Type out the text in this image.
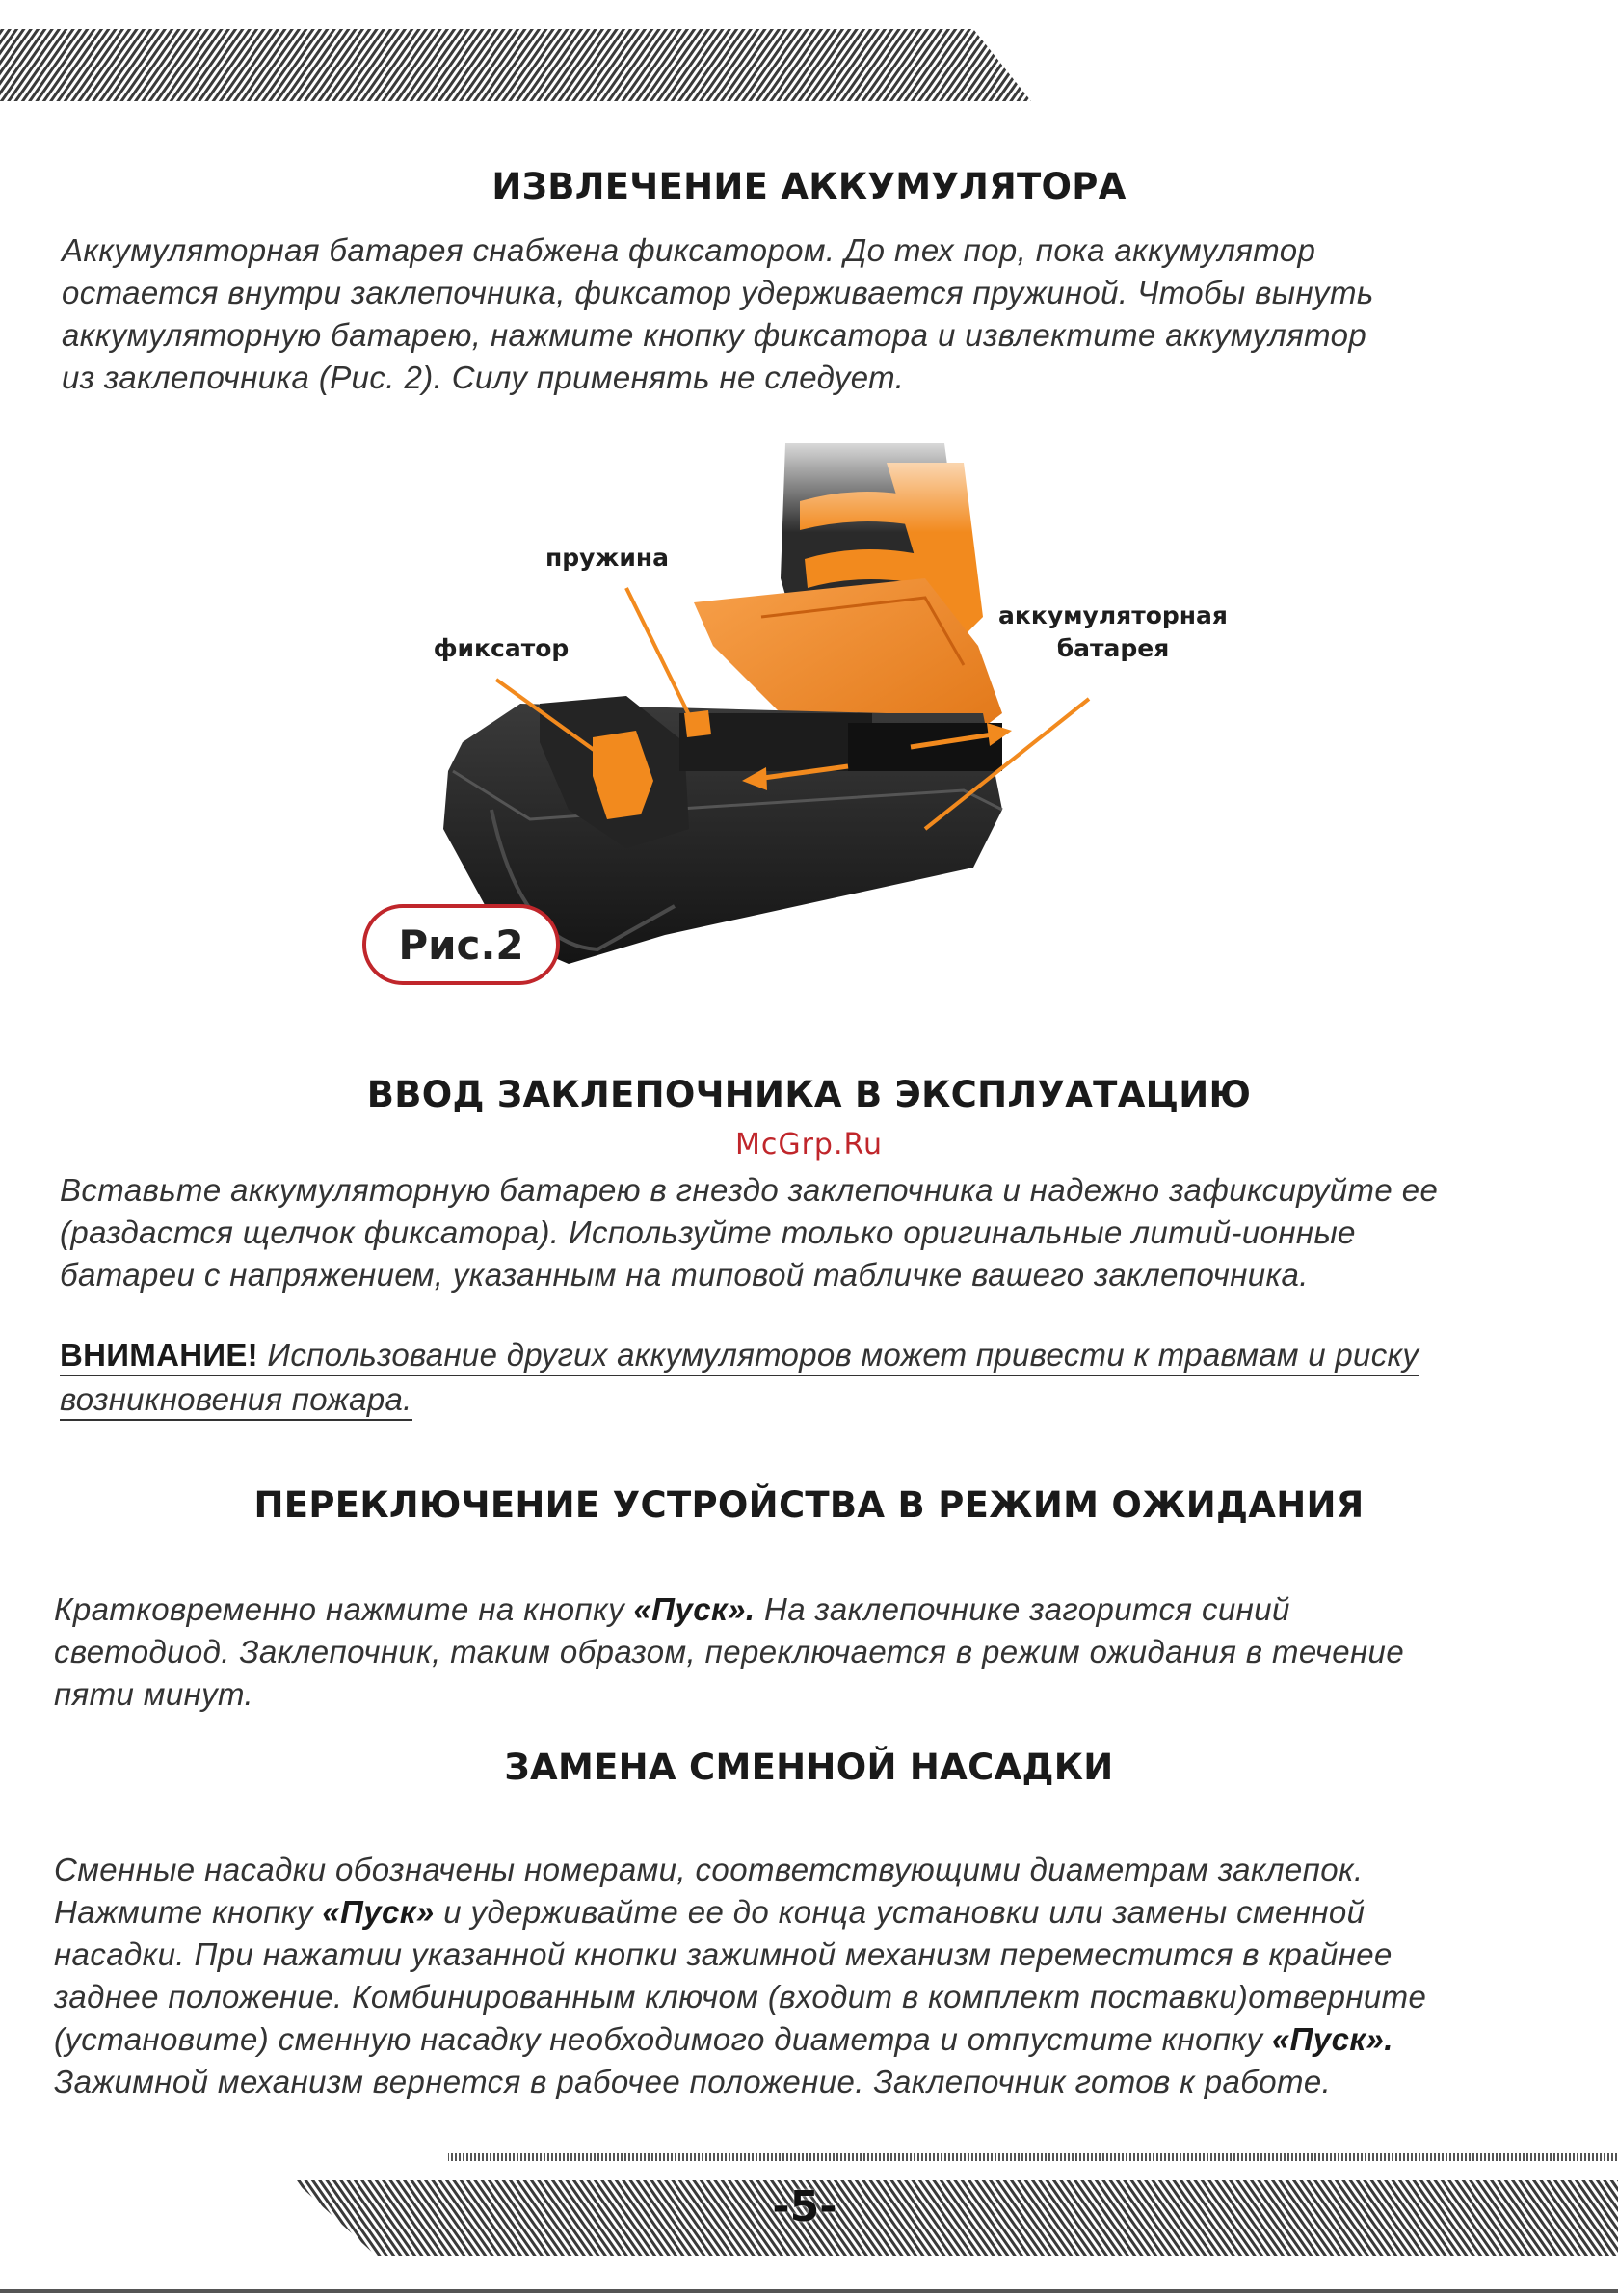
ИЗВЛЕЧЕНИЕ АККУМУЛЯТОРА
Аккумуляторная батарея снабжена фиксатором. До тех пор, пока аккумулятор
остается внутри заклепочника, фиксатор удерживается пружиной. Чтобы вынуть
аккумуляторную батарею, нажмите кнопку фиксатора и извлектите аккумулятор
из заклепочника (Рис. 2). Силу применять не следует.
пружина
фиксатор
аккумуляторная
батарея
Рис.2
ВВОД ЗАКЛЕПОЧНИКА В ЭКСПЛУАТАЦИЮ
McGrp.Ru
Вставьте аккумуляторную батарею в гнездо заклепочника и надежно зафиксируйте ее
(раздастся щелчок фиксатора). Используйте только оригинальные литий-ионные
батареи с напряжением, указанным на типовой табличке вашего заклепочника.
ВНИМАНИЕ! Использование других аккумуляторов может привести к травмам и риску
возникновения пожара.
ПЕРЕКЛЮЧЕНИЕ УСТРОЙСТВА В РЕЖИМ ОЖИДАНИЯ
Кратковременно нажмите на кнопку «Пуск». На заклепочнике загорится синий
светодиод. Заклепочник, таким образом, переключается в режим ожидания в течение
пяти минут.
ЗАМЕНА СМЕННОЙ НАСАДКИ
Сменные насадки обозначены номерами, соответствующими диаметрам заклепок.
Нажмите кнопку «Пуск» и удерживайте ее до конца установки или замены сменной
насадки. При нажатии указанной кнопки зажимной механизм переместится в крайнее
заднее положение. Комбинированным ключом (входит в комплект поставки)отверните
(установите) сменную насадку необходимого диаметра и отпустите кнопку «Пуск».
Зажимной механизм вернется в рабочее положение. Заклепочник готов к работе.
-5-
